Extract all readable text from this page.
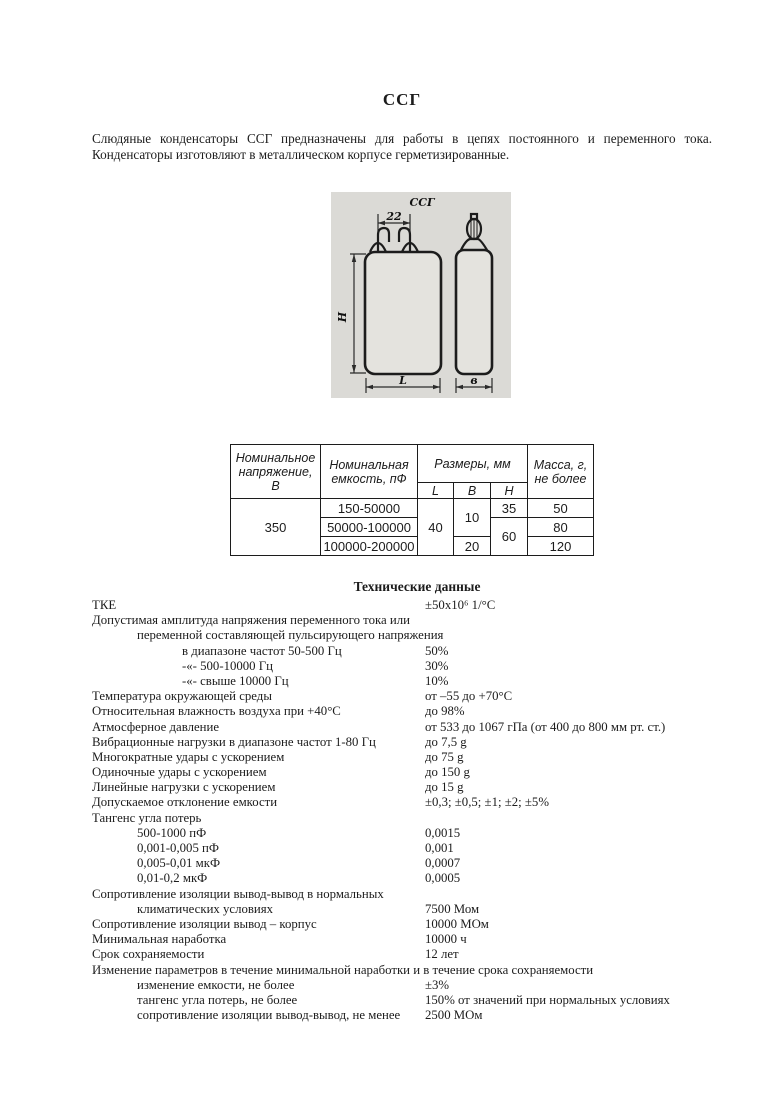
ССГ
Слюдяные конденсаторы ССГ предназначены для работы в цепях постоянного и переменного тока. Конденсаторы изготовляют в металлическом корпусе герметизированные.
ССГ
22
H
L	в
Номинальное напряжение, В	Номинальная емкость, пФ	Размеры, мм			Масса, г, не более
		L	B	H	
350	150-50000	40	10	35	50
	50000-100000			60	80
	100000-200000		20		120
Технические данные
ТКЕ	±50x10⁶ 1/°C
Допустимая амплитуда напряжения переменного тока или
переменной составляющей пульсирующего напряжения
в диапазоне частот 50-500 Гц	50%
-«- 500-10000 Гц	30%
-«- свыше 10000 Гц	10%
Температура окружающей среды	от –55 до +70°C
Относительная влажность воздуха при +40°C	до 98%
Атмосферное давление	от 533 до 1067 гПа (от 400 до 800 мм рт. ст.)
Вибрационные нагрузки в диапазоне частот 1-80 Гц	до 7,5 g
Многократные удары с ускорением	до 75 g
Одиночные удары с ускорением	до 150 g
Линейные нагрузки с ускорением	до 15 g
Допускаемое отклонение емкости	±0,3; ±0,5; ±1; ±2; ±5%
Тангенс угла потерь
500-1000 пФ	0,0015
0,001-0,005 пФ	0,001
0,005-0,01 мкФ	0,0007
0,01-0,2 мкФ	0,0005
Сопротивление изоляции вывод-вывод в нормальных
климатических условиях	7500 Мом
Сопротивление изоляции вывод – корпус	10000 МОм
Минимальная наработка	10000 ч
Срок сохраняемости	12 лет
Изменение параметров в течение минимальной наработки и в течение срока сохраняемости
изменение емкости, не более	±3%
тангенс угла потерь, не более	150% от значений при нормальных условиях
сопротивление изоляции вывод-вывод, не менее 2500 МОм
